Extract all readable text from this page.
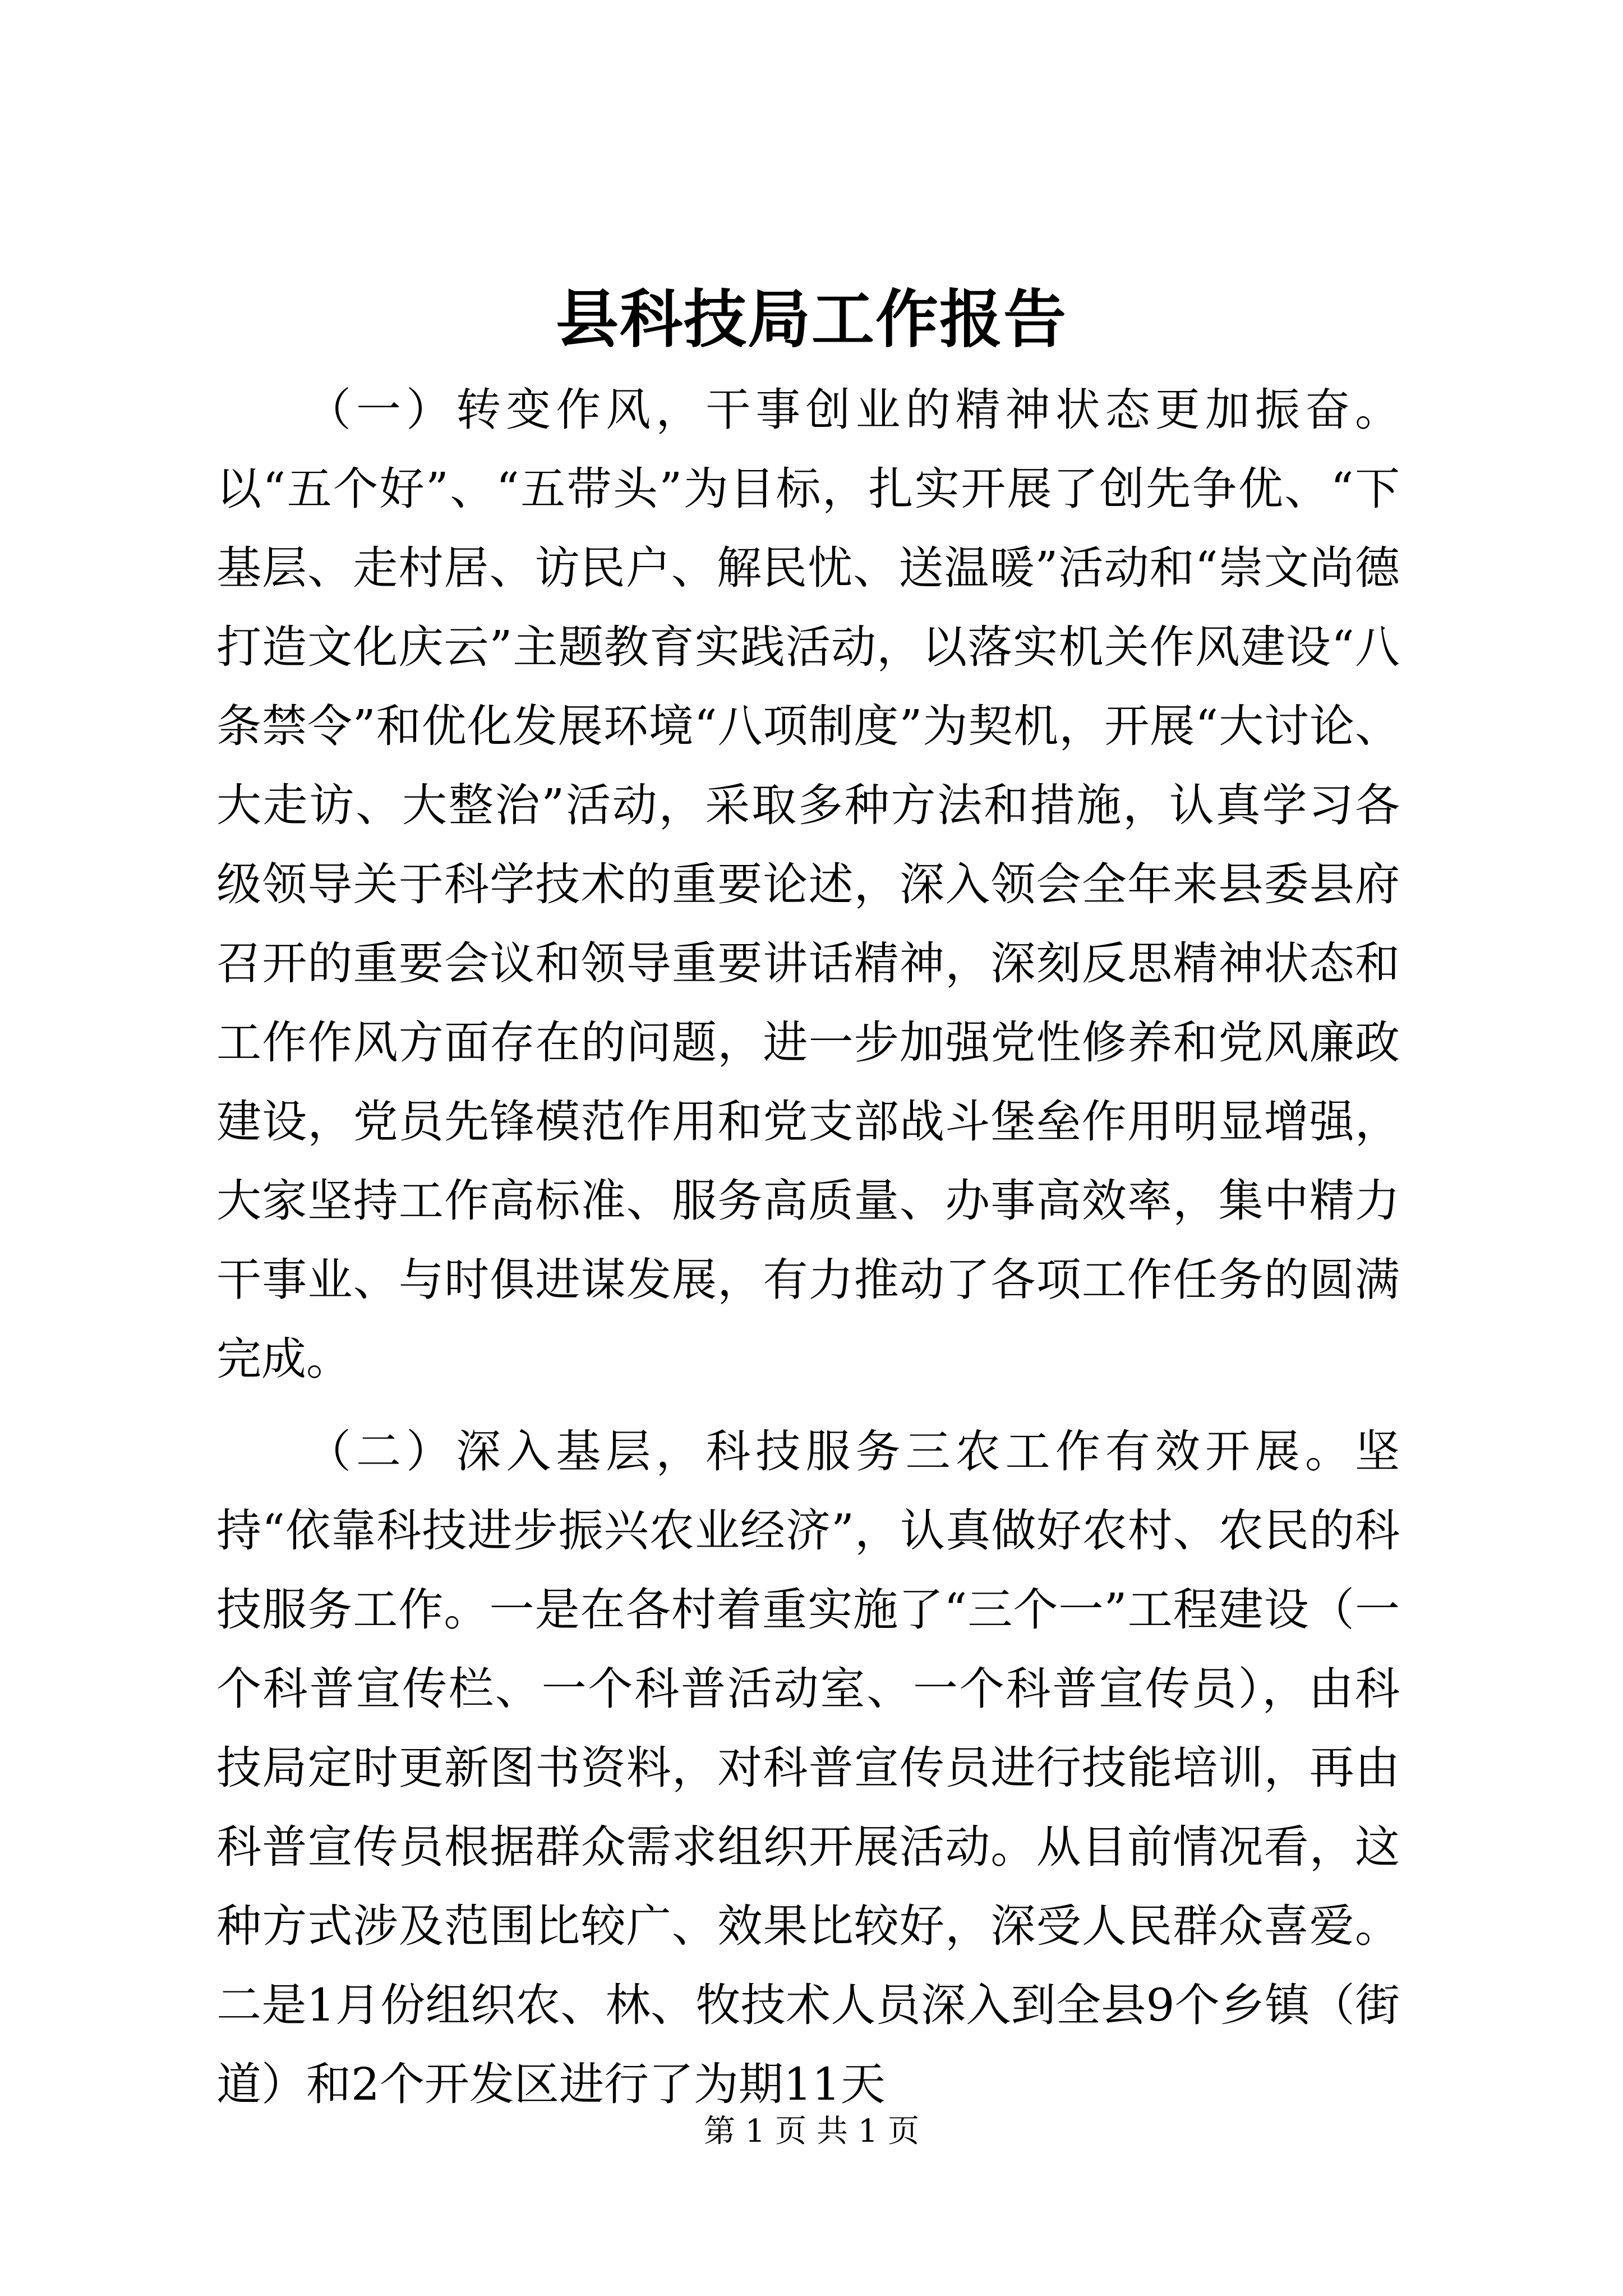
县科技局工作报告

（一）转变作风，干事创业的精神状态更加振奋。以“五个好”、“五带头”为目标，扎实开展了创先争优、“下基层、走村居、访民户、解民忧、送温暖”活动和“崇文尚德打造文化庆云”主题教育实践活动，以落实机关作风建设“八条禁令”和优化发展环境“八项制度”为契机，开展“大讨论、大走访、大整治”活动，采取多种方法和措施，认真学习各级领导关于科学技术的重要论述，深入领会全年来县委县府召开的重要会议和领导重要讲话精神，深刻反思精神状态和工作作风方面存在的问题，进一步加强党性修养和党风廉政建设，党员先锋模范作用和党支部战斗堡垒作用明显增强，大家坚持工作高标准、服务高质量、办事高效率，集中精力干事业、与时俱进谋发展，有力推动了各项工作任务的圆满完成。

（二）深入基层，科技服务三农工作有效开展。坚持“依靠科技进步振兴农业经济”，认真做好农村、农民的科技服务工作。一是在各村着重实施了“三个一”工程建设（一个科普宣传栏、一个科普活动室、一个科普宣传员），由科技局定时更新图书资料，对科普宣传员进行技能培训，再由科普宣传员根据群众需求组织开展活动。从目前情况看，这种方式涉及范围比较广、效果比较好，深受人民群众喜爱。二是1月份组织农、林、牧技术人员深入到全县9个乡镇（街道）和2个开发区进行了为期11天

第 1 页 共 1 页
